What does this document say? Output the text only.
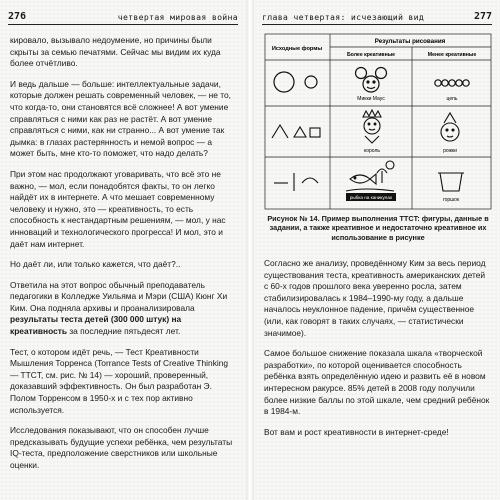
276	четвертая мировая война

кировало, вызывало недоумение, но причины были скрыты за семью печатями. Сейчас мы видим их куда более отчётливо.

И ведь дальше — больше: интеллектуальные задачи, которые должен решать современный человек, — не то, что когда-то, они становятся всё сложнее! А вот умение справляться с ними как раз не растёт. А вот умение справляться с ними, как ни странно... А вот умение так дымка: в глазах растерянность и немой вопрос — а может быть, мне кто-то поможет, что надо делать?

При этом нас продолжают уговаривать, что всё это не важно, — мол, если понадобятся факты, то он легко найдёт их в интернете. А что мешает современному человеку и нужно, это — креативность, то есть способность к нестандартным решениям, — мол, у нас инноваций и технологического прогресса! И мол, это и даёт нам интернет.

Но даёт ли, или только кажется, что даёт?..

Ответила на этот вопрос обычный преподаватель педагогики в Колледже Уильяма и Мэри (США) Кюнг Хи Ким. Она подняла архивы и проанализировала результаты теста детей (300 000 штук) на креативность за последние пятьдесят лет.

Тест, о котором идёт речь, — Тест Креативности Мышления Торренса (Torrance Tests of Creative Thinking — TTCT, см. рис. № 14) — хороший, проверенный, доказавший эффективность. Он был разработан Э. Полом Торренсом в 1950-х и с тех пор активно используется.

Исследования показывают, что он способен лучше предсказывать будущие успехи ребёнка, чем результаты IQ-теста, предположение сверстников или школьные оценки.

глава четвертая: исчезающий вид	277
Результаты рисования
Исходные формы
Более креативные	Менее креативные
Микки Маус	цепь
король	рожки
рыбка на каникулах	горшок
Рисунок № 14. Пример выполнения TTCT: фигуры, данные в задании, а также креативное и недостаточно креативное их использование в рисунке

Согласно же анализу, проведённому Ким за весь период существования теста, креативность американских детей с 60-х годов прошлого века уверенно росла, затем стабилизировалась к 1984–1990-му году, а дальше началось неуклонное падение, причём существенное (или, как говорят в таких случаях, — статистически значимое).

Самое большое снижение показала шкала «творческой разработки», по которой оценивается способность ребёнка взять определённую идею и развить её в новом интересном ракурсе. 85% детей в 2008 году получили более низкие баллы по этой шкале, чем средний ребёнок в 1984-м.

Вот вам и рост креативности в интернет-среде!
